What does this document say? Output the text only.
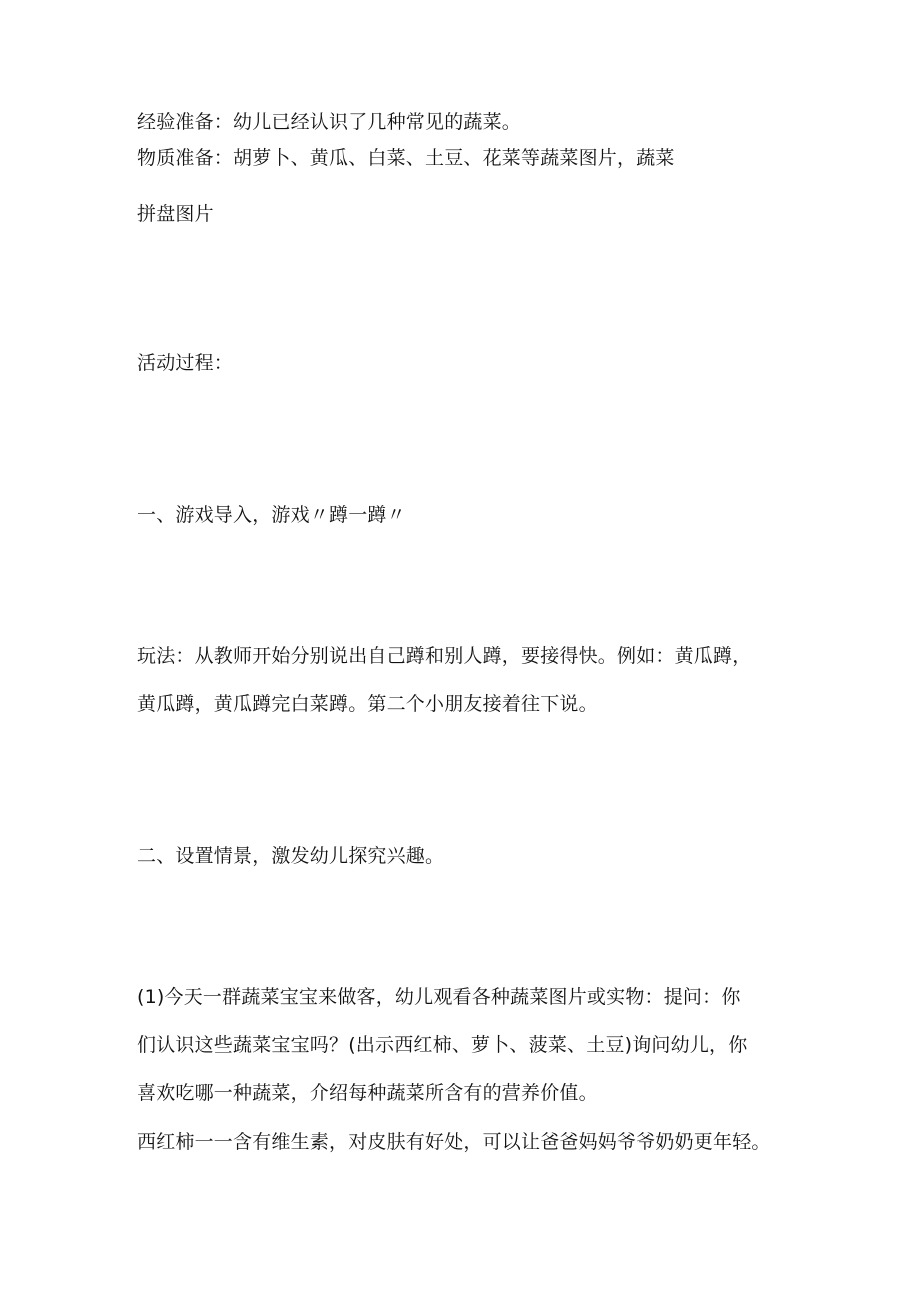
经验准备：幼儿已经认识了几种常见的蔬菜。
物质准备：胡萝卜、黄瓜、白菜、土豆、花菜等蔬菜图片，蔬菜
拼盘图片
活动过程：
一、游戏导入，游戏〃蹲一蹲〃
玩法：从教师开始分别说出自己蹲和别人蹲，要接得快。例如：黄瓜蹲，
黄瓜蹲，黄瓜蹲完白菜蹲。第二个小朋友接着往下说。
二、设置情景，激发幼儿探究兴趣。
(1)今天一群蔬菜宝宝来做客，幼儿观看各种蔬菜图片或实物：提问：你
们认识这些蔬菜宝宝吗？(出示西红柿、萝卜、菠菜、土豆)询问幼儿，你
喜欢吃哪一种蔬菜，介绍每种蔬菜所含有的营养价值。
西红柿一一含有维生素，对皮肤有好处，可以让爸爸妈妈爷爷奶奶更年轻。
